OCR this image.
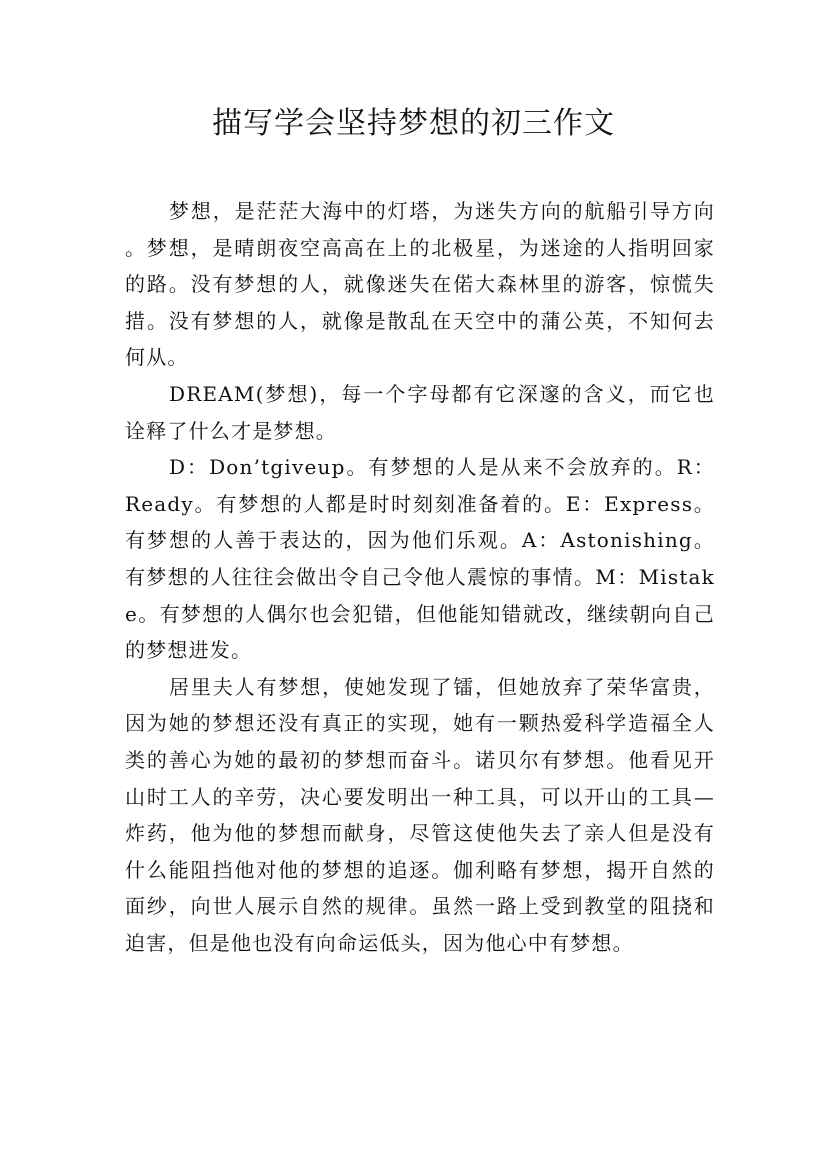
描写学会坚持梦想的初三作文

梦想，是茫茫大海中的灯塔，为迷失方向的航船引导方向。梦想，是晴朗夜空高高在上的北极星，为迷途的人指明回家的路。没有梦想的人，就像迷失在偌大森林里的游客，惊慌失措。没有梦想的人，就像是散乱在天空中的蒲公英，不知何去何从。

DREAM(梦想)，每一个字母都有它深邃的含义，而它也诠释了什么才是梦想。

D：Don’tgiveup。有梦想的人是从来不会放弃的。R：Ready。有梦想的人都是时时刻刻准备着的。E：Express。有梦想的人善于表达的，因为他们乐观。A：Astonishing。有梦想的人往往会做出令自己令他人震惊的事情。M：Mistake。有梦想的人偶尔也会犯错，但他能知错就改，继续朝向自己的梦想进发。

居里夫人有梦想，使她发现了镭，但她放弃了荣华富贵，因为她的梦想还没有真正的实现，她有一颗热爱科学造福全人类的善心为她的最初的梦想而奋斗。诺贝尔有梦想。他看见开山时工人的辛劳，决心要发明出一种工具，可以开山的工具—炸药，他为他的梦想而献身，尽管这使他失去了亲人但是没有什么能阻挡他对他的梦想的追逐。伽利略有梦想，揭开自然的面纱，向世人展示自然的规律。虽然一路上受到教堂的阻挠和迫害，但是他也没有向命运低头，因为他心中有梦想。
